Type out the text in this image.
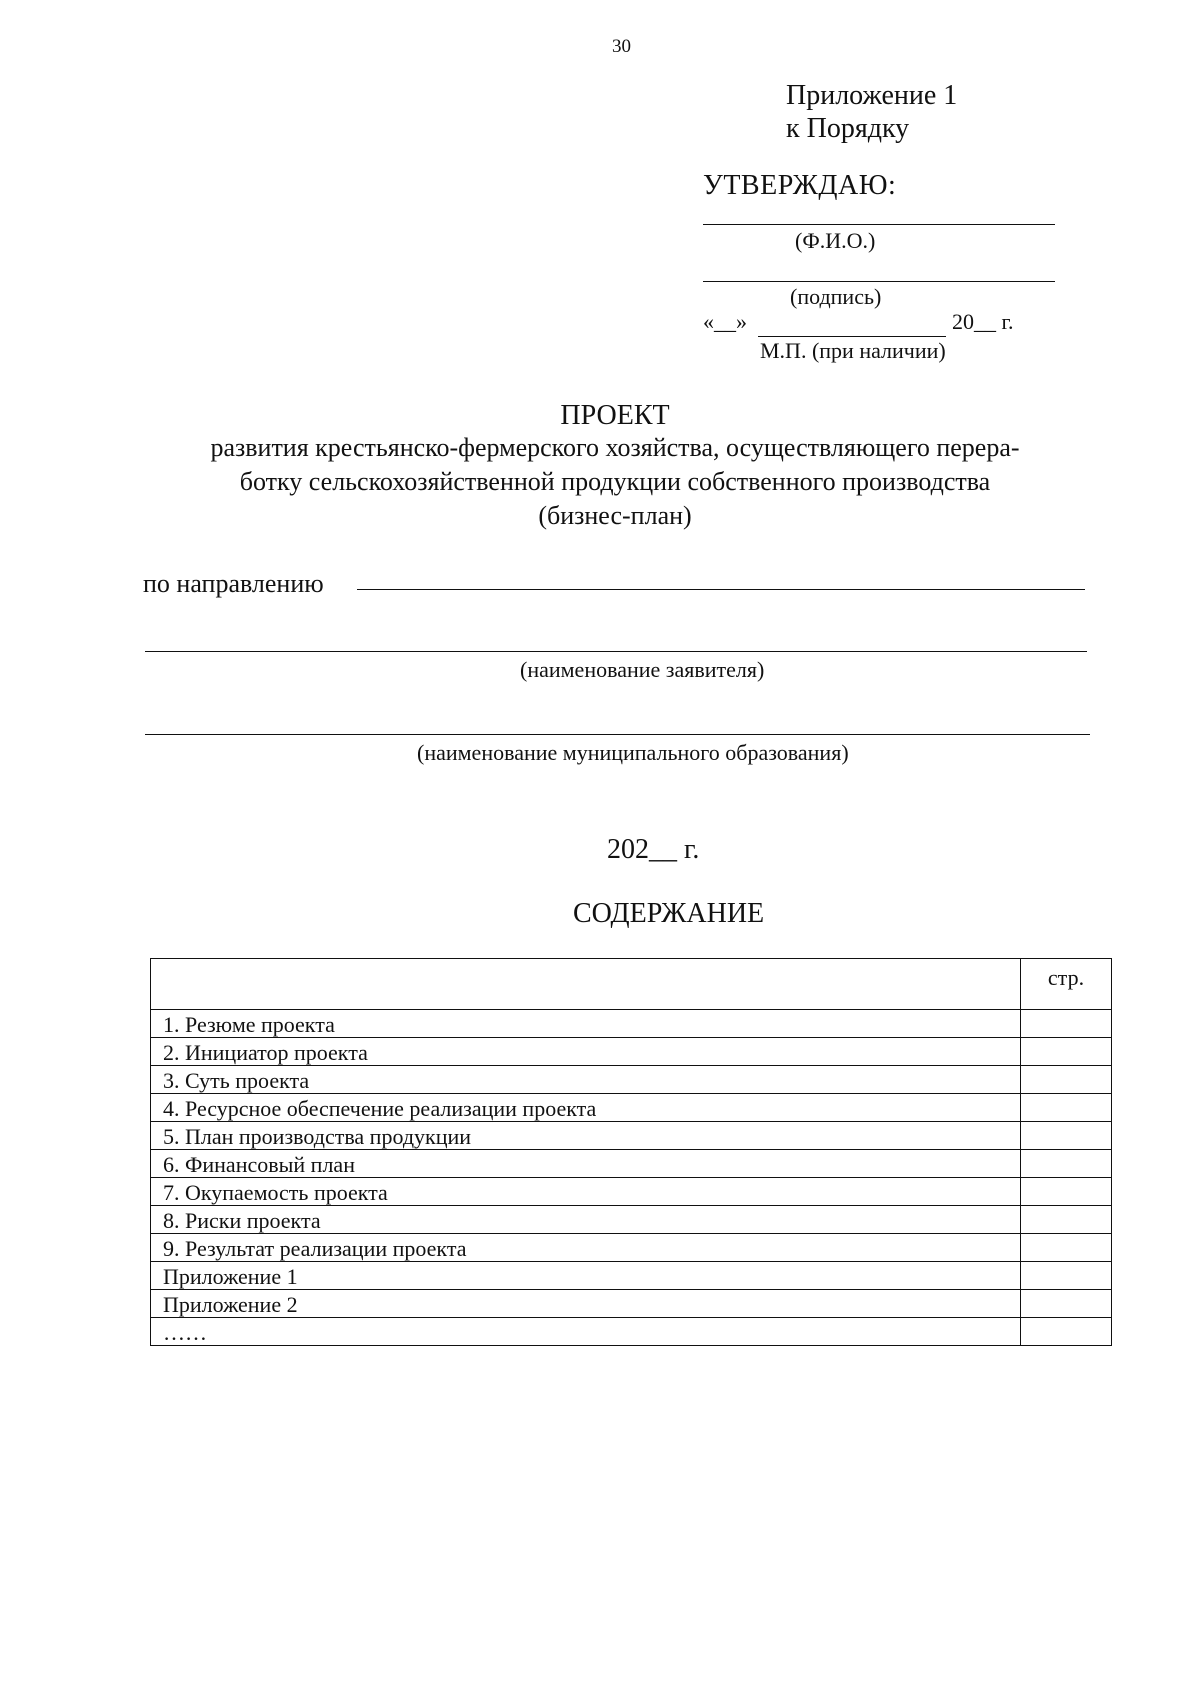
30
Приложение 1
к Порядку
УТВЕРЖДАЮ:
(Ф.И.О.)
(подпись)
«__»	20__ г.
М.П. (при наличии)
ПРОЕКТ
развития крестьянско-фермерского хозяйства, осуществляющего перера-
ботку сельскохозяйственной продукции собственного производства
(бизнес-план)
по направлению
(наименование заявителя)
(наименование муниципального образования)
202__ г.
СОДЕРЖАНИЕ
	стр.
1. Резюме проекта	
2. Инициатор проекта	
3. Суть проекта	
4. Ресурсное обеспечение реализации проекта	
5. План производства продукции	
6. Финансовый план	
7. Окупаемость проекта	
8. Риски проекта	
9. Результат реализации проекта	
Приложение 1	
Приложение 2	
……	
